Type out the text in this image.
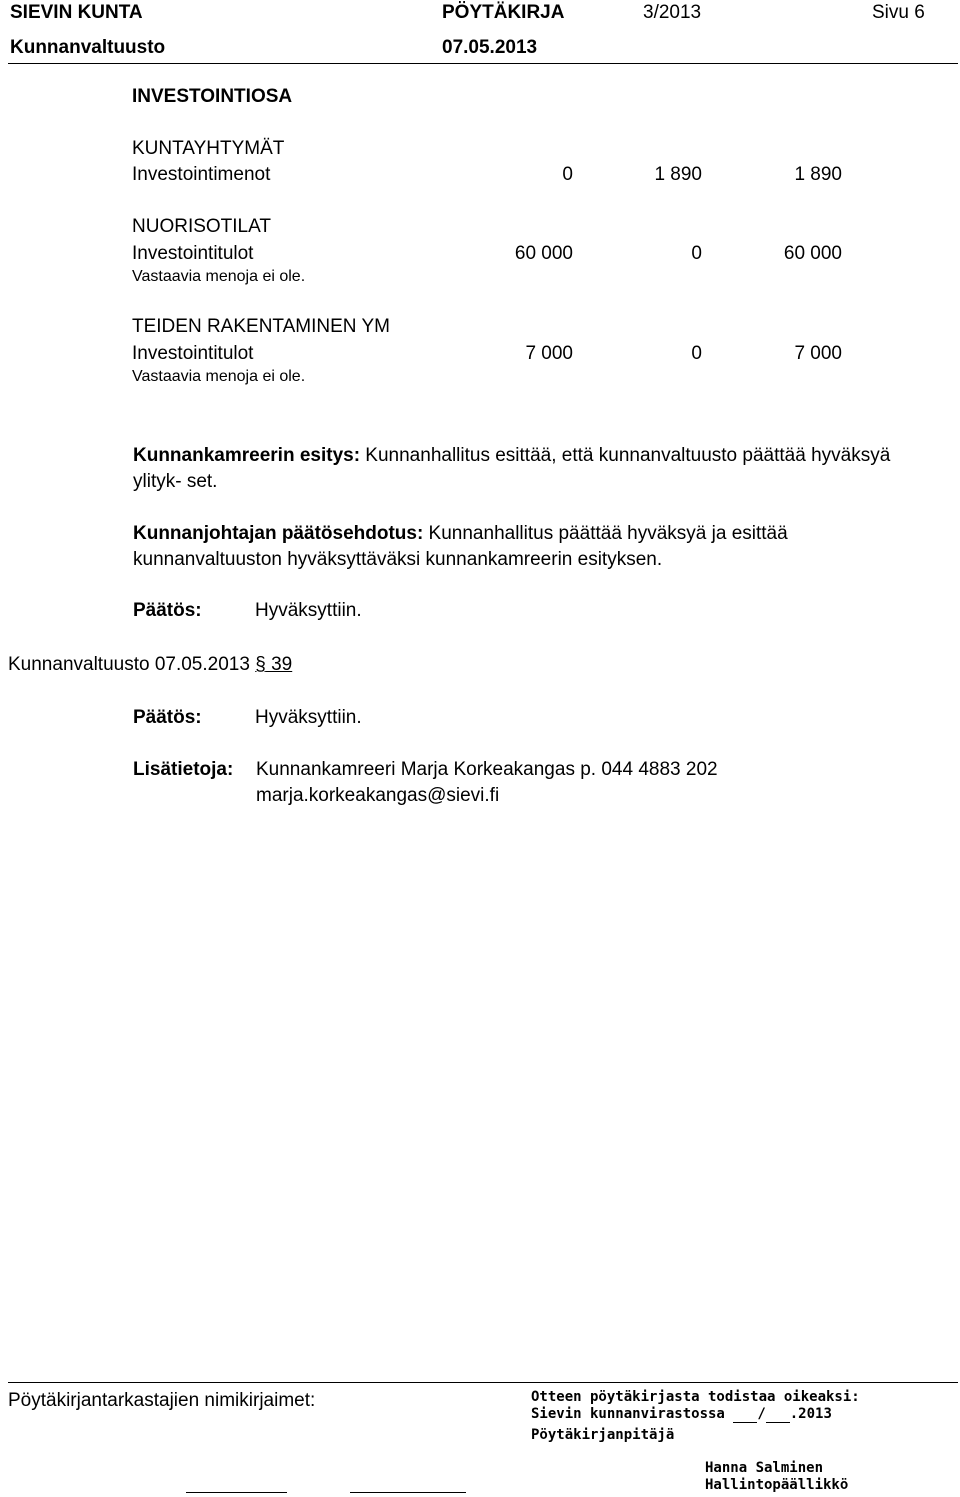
SIEVIN KUNTA	PÖYTÄKIRJA	3/2013	Sivu 6
Kunnanvaltuusto	07.05.2013
INVESTOINTIOSA
KUNTAYHTYMÄT
Investointimenot	0	1 890	1 890
NUORISOTILAT
Investointitulot	60 000	0	60 000
Vastaavia menoja ei ole.
TEIDEN RAKENTAMINEN YM
Investointitulot	7 000	0	7 000
Vastaavia menoja ei ole.
Kunnankamreerin esitys: Kunnanhallitus esittää, että kunnanvaltuusto päättää hyväksyä ylityk- set.
Kunnanjohtajan päätösehdotus: Kunnanhallitus päättää hyväksyä ja esittää kunnanvaltuuston hyväksyttäväksi kunnankamreerin esityksen.
Päätös:	Hyväksyttiin.
Kunnanvaltuusto 07.05.2013 § 39
Päätös:	Hyväksyttiin.
Lisätietoja: Kunnankamreeri Marja Korkeakangas p. 044 4883 202
marja.korkeakangas@sievi.fi
Pöytäkirjantarkastajien nimikirjaimet:	Otteen pöytäkirjasta todistaa oikeaksi:
Sievin kunnanvirastossa / .2013
Pöytäkirjanpitäjä
Hanna Salminen
Hallintopäällikkö
